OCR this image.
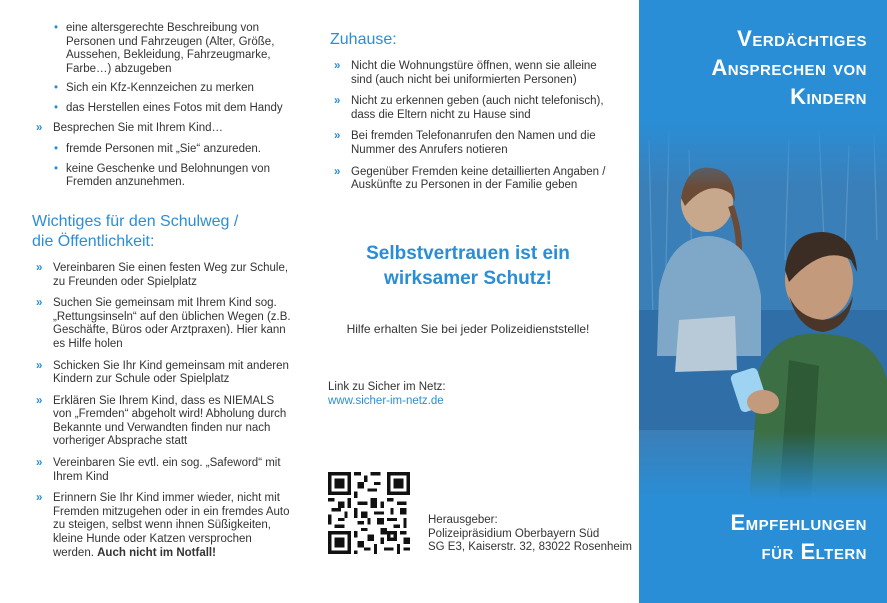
• eine altersgerechte Beschreibung von Personen und Fahrzeugen (Alter, Größe, Aussehen, Bekleidung, Fahrzeugmarke, Farbe…) abzugeben
• Sich ein Kfz-Kennzeichen zu merken
• das Herstellen eines Fotos mit dem Handy
» Besprechen Sie mit Ihrem Kind…
• fremde Personen mit „Sie“ anzureden.
• keine Geschenke und Belohnungen von Fremden anzunehmen.
Wichtiges für den Schulweg /
die Öffentlichkeit:
» Vereinbaren Sie einen festen Weg zur Schule, zu Freunden oder Spielplatz
» Suchen Sie gemeinsam mit Ihrem Kind sog. „Rettungsinseln“ auf den üblichen Wegen (z.B. Geschäfte, Büros oder Arztpraxen). Hier kann es Hilfe holen
» Schicken Sie Ihr Kind gemeinsam mit anderen Kindern zur Schule oder Spielplatz
» Erklären Sie Ihrem Kind, dass es NIEMALS von „Fremden“ abgeholt wird! Abholung durch Bekannte und Verwandten finden nur nach vorheriger Absprache statt
» Vereinbaren Sie evtl. ein sog. „Safeword“ mit Ihrem Kind
» Erinnern Sie Ihr Kind immer wieder, nicht mit Fremden mitzugehen oder in ein fremdes Auto zu steigen, selbst wenn ihnen Süßigkeiten, kleine Hunde oder Katzen versprochen werden. Auch nicht im Notfall!
Zuhause:
» Nicht die Wohnungstüre öffnen, wenn sie alleine sind (auch nicht bei uniformierten Personen)
» Nicht zu erkennen geben (auch nicht telefonisch), dass die Eltern nicht zu Hause sind
» Bei fremden Telefonanrufen den Namen und die Nummer des Anrufers notieren
» Gegenüber Fremden keine detaillierten Angaben / Auskünfte zu Personen in der Familie geben
Selbstvertrauen ist ein
wirksamer Schutz!
Hilfe erhalten Sie bei jeder Polizeidienststelle!
Link zu Sicher im Netz:
www.sicher-im-netz.de
Herausgeber:
Polizeipräsidium Oberbayern Süd
SG E3, Kaiserstr. 32, 83022 Rosenheim
Verdächtiges
Ansprechen von
Kindern
Empfehlungen
für Eltern
